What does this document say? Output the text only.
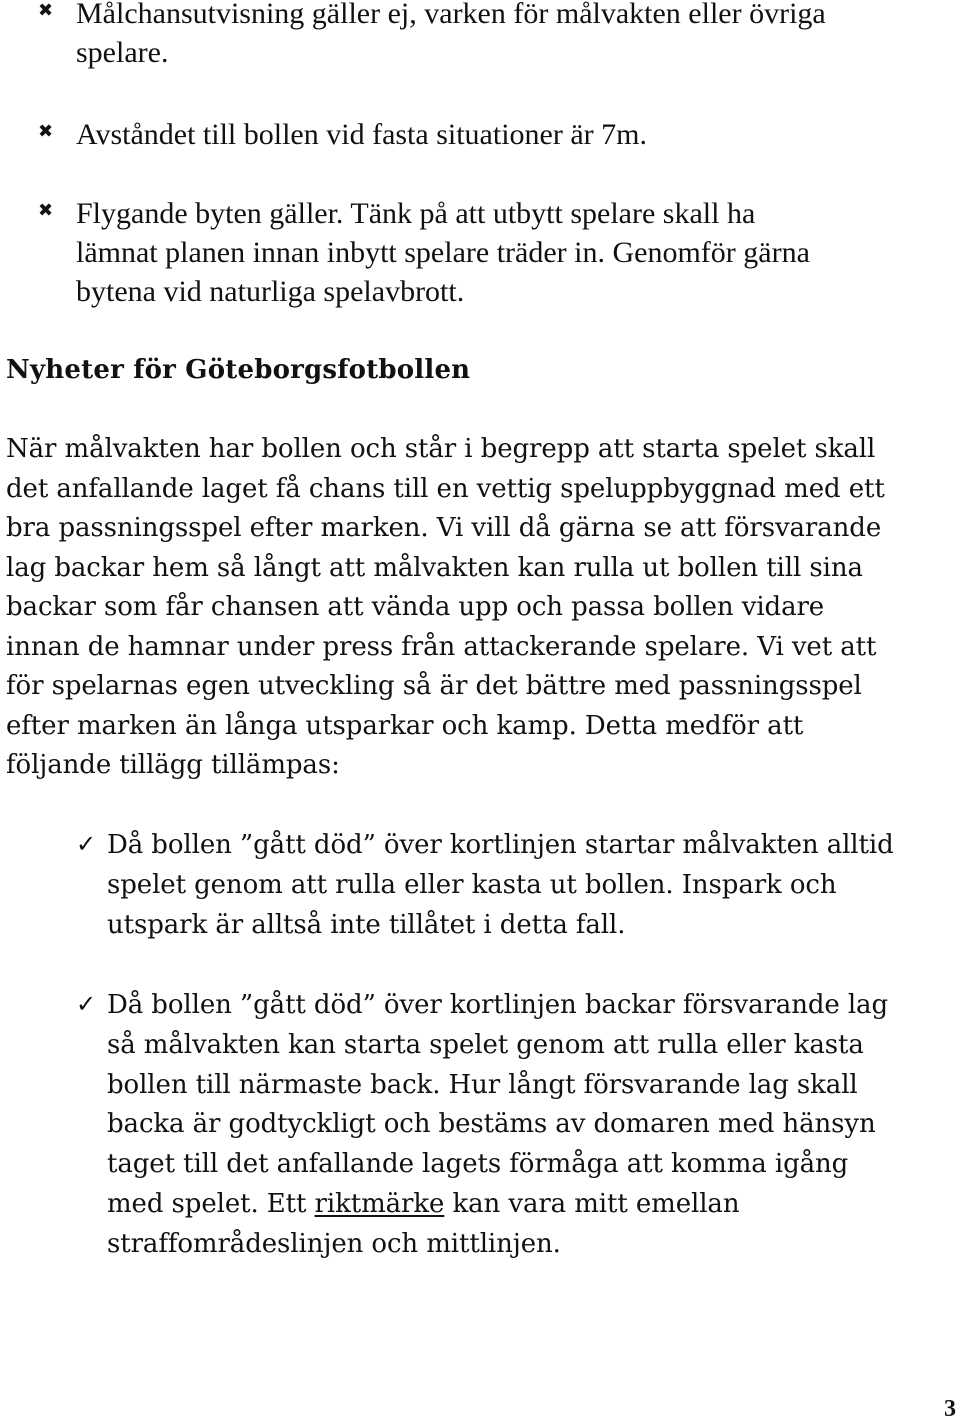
✖ Målchansutvisning gäller ej, varken för målvakten eller övriga
spelare.
✖ Avståndet till bollen vid fasta situationer är 7m.
✖ Flygande byten gäller. Tänk på att utbytt spelare skall ha
lämnat planen innan inbytt spelare träder in. Genomför gärna
bytena vid naturliga spelavbrott.
Nyheter för Göteborgsfotbollen

När målvakten har bollen och står i begrepp att starta spelet skall
det anfallande laget få chans till en vettig speluppbyggnad med ett
bra passningsspel efter marken. Vi vill då gärna se att försvarande
lag backar hem så långt att målvakten kan rulla ut bollen till sina
backar som får chansen att vända upp och passa bollen vidare
innan de hamnar under press från attackerande spelare. Vi vet att
för spelarnas egen utveckling så är det bättre med passningsspel
efter marken än långa utsparkar och kamp. Detta medför att
följande tillägg tillämpas:

✓ Då bollen ”gått död” över kortlinjen startar målvakten alltid
spelet genom att rulla eller kasta ut bollen. Inspark och
utspark är alltså inte tillåtet i detta fall.
✓ Då bollen ”gått död” över kortlinjen backar försvarande lag
så målvakten kan starta spelet genom att rulla eller kasta
bollen till närmaste back. Hur långt försvarande lag skall
backa är godtyckligt och bestäms av domaren med hänsyn
taget till det anfallande lagets förmåga att komma igång
med spelet. Ett riktmärke kan vara mitt emellan
straffområdeslinjen och mittlinjen.
3
